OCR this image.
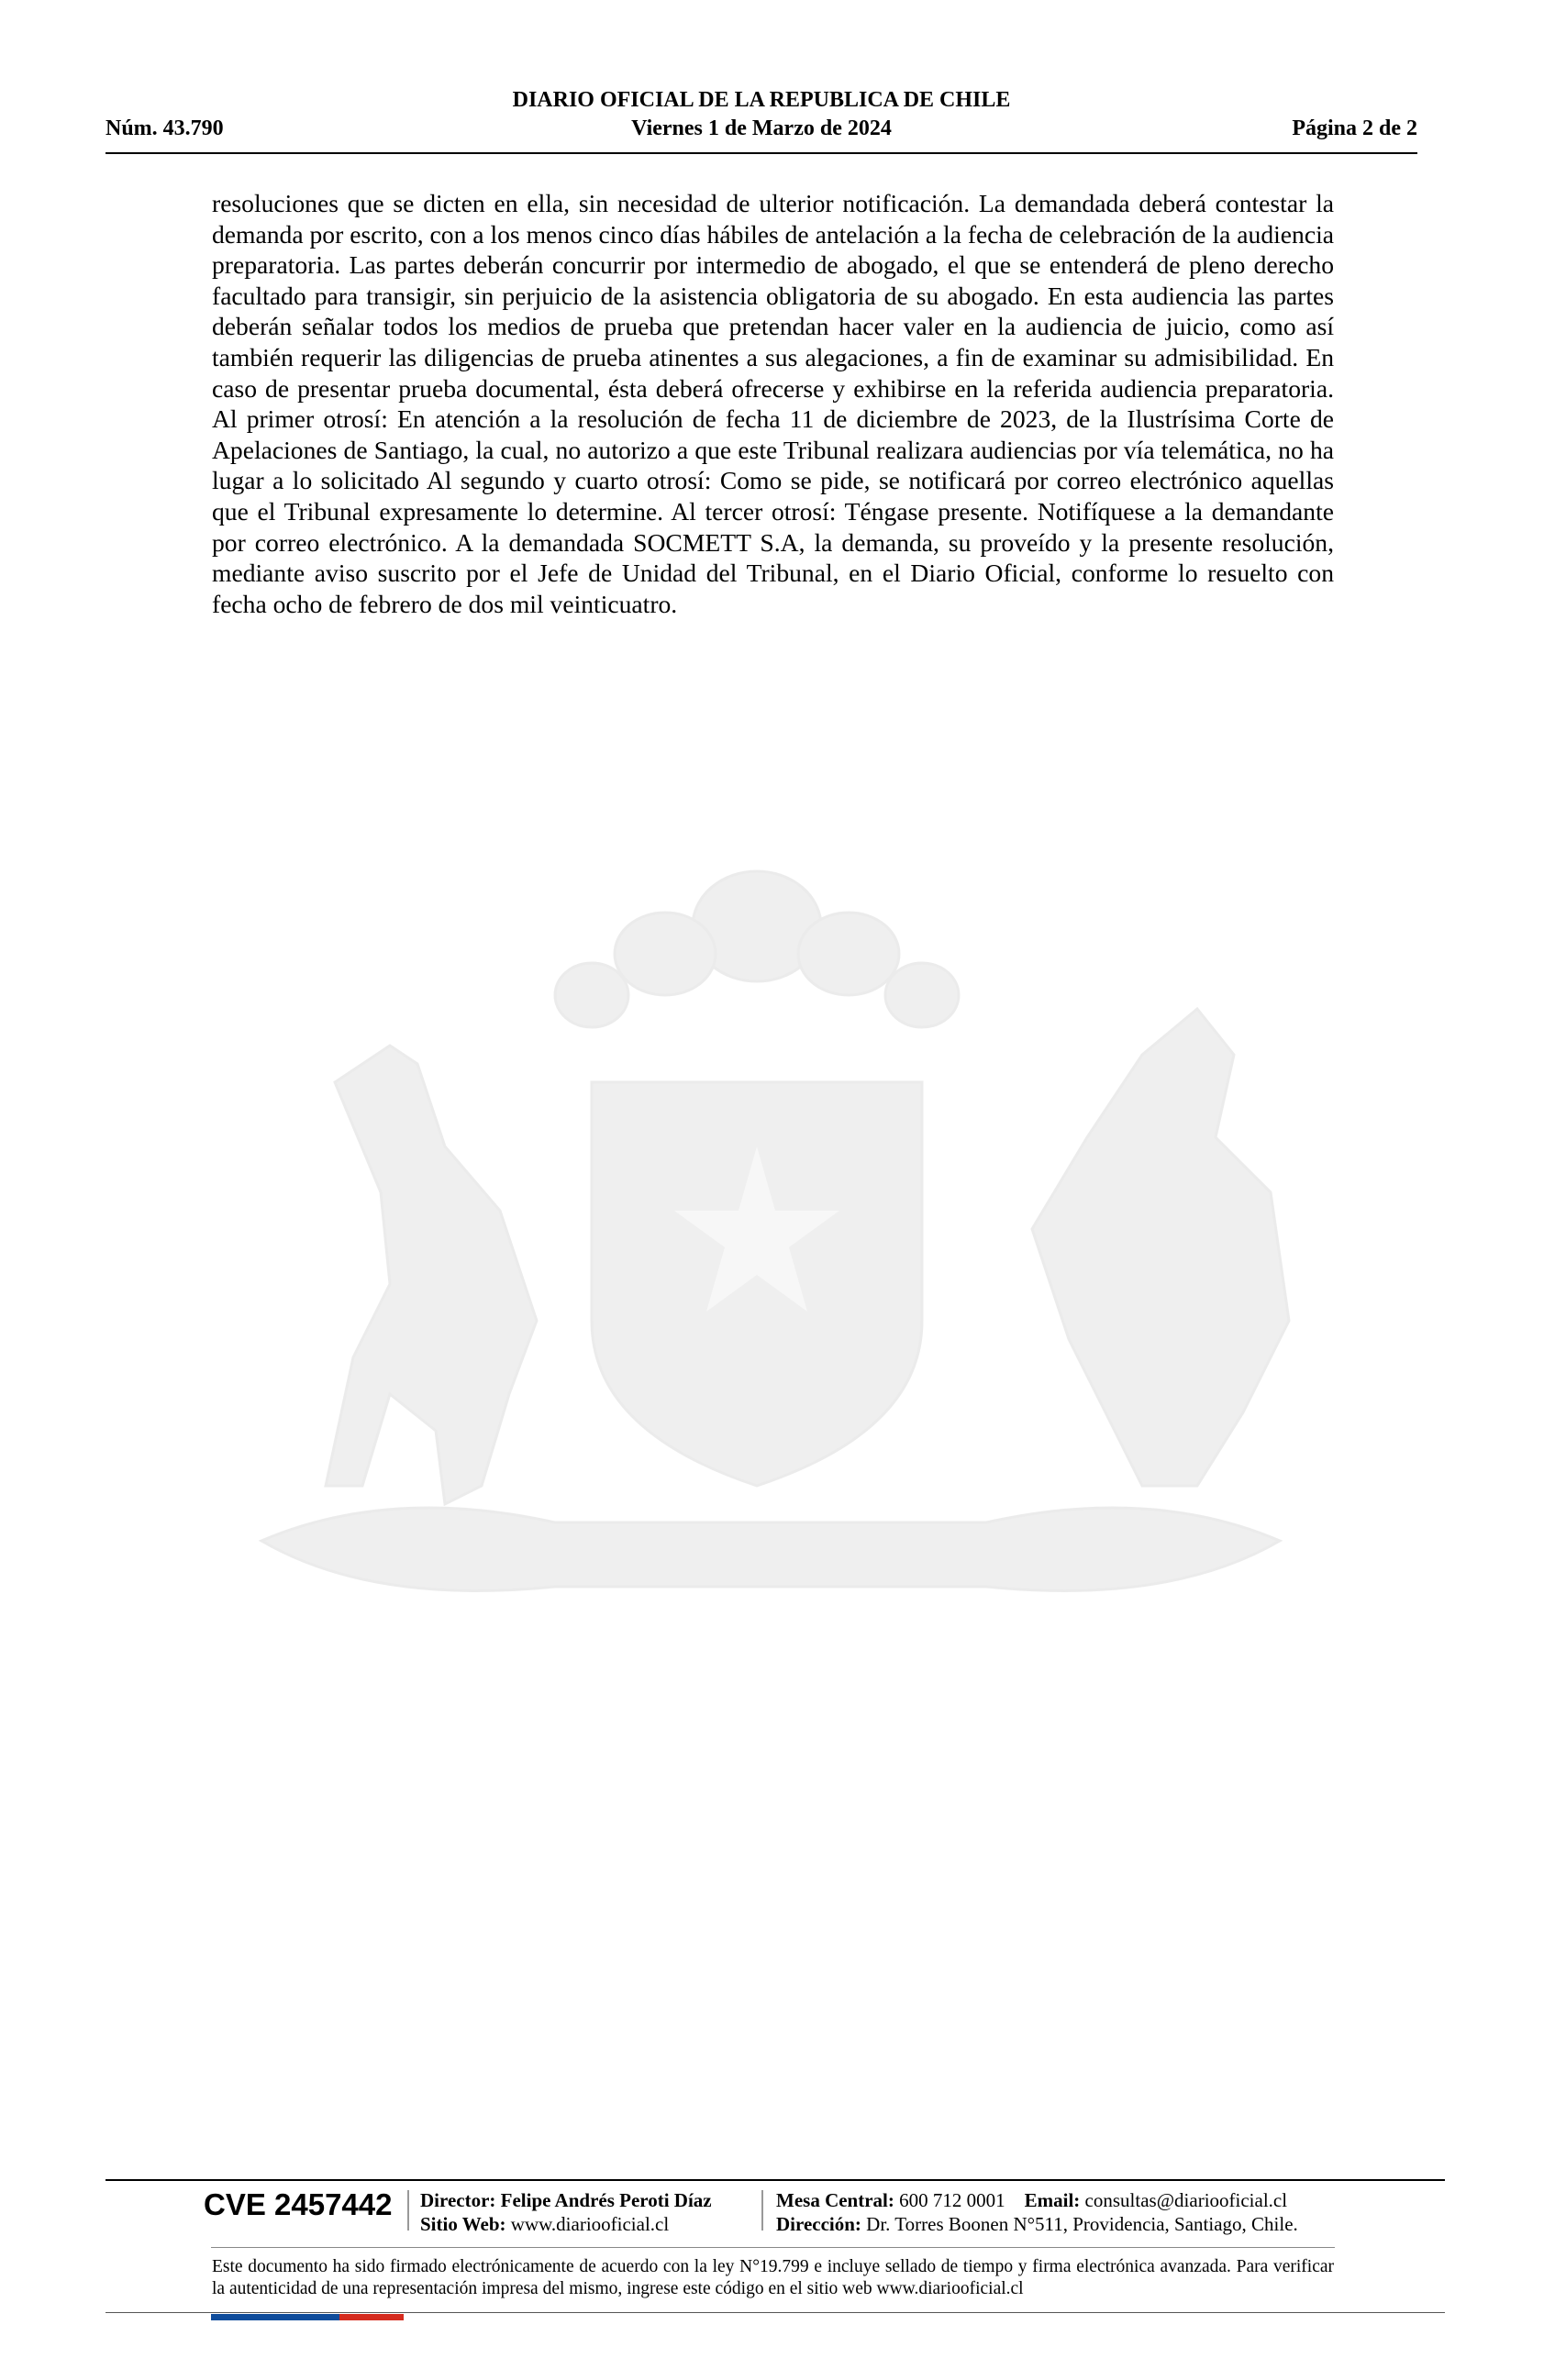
DIARIO OFICIAL DE LA REPUBLICA DE CHILE
Núm. 43.790	Viernes 1 de Marzo de 2024	Página 2 de 2

resoluciones que se dicten en ella, sin necesidad de ulterior notificación. La demandada deberá contestar la demanda por escrito, con a los menos cinco días hábiles de antelación a la fecha de celebración de la audiencia preparatoria. Las partes deberán concurrir por intermedio de abogado, el que se entenderá de pleno derecho facultado para transigir, sin perjuicio de la asistencia obligatoria de su abogado. En esta audiencia las partes deberán señalar todos los medios de prueba que pretendan hacer valer en la audiencia de juicio, como así también requerir las diligencias de prueba atinentes a sus alegaciones, a fin de examinar su admisibilidad. En caso de presentar prueba documental, ésta deberá ofrecerse y exhibirse en la referida audiencia preparatoria. Al primer otrosí: En atención a la resolución de fecha 11 de diciembre de 2023, de la Ilustrísima Corte de Apelaciones de Santiago, la cual, no autorizo a que este Tribunal realizara audiencias por vía telemática, no ha lugar a lo solicitado Al segundo y cuarto otrosí: Como se pide, se notificará por correo electrónico aquellas que el Tribunal expresamente lo determine. Al tercer otrosí: Téngase presente. Notifíquese a la demandante por correo electrónico. A la demandada SOCMETT S.A, la demanda, su proveído y la presente resolución, mediante aviso suscrito por el Jefe de Unidad del Tribunal, en el Diario Oficial, conforme lo resuelto con fecha ocho de febrero de dos mil veinticuatro.

CVE 2457442 Director: Felipe Andrés Peroti Díaz
Sitio Web: www.diariooficial.cl
Mesa Central: 600 712 0001 Email: consultas@diariooficial.cl
Dirección: Dr. Torres Boonen N°511, Providencia, Santiago, Chile.
Este documento ha sido firmado electrónicamente de acuerdo con la ley N°19.799 e incluye sellado de tiempo y firma electrónica avanzada. Para verificar la autenticidad de una representación impresa del mismo, ingrese este código en el sitio web www.diariooficial.cl
